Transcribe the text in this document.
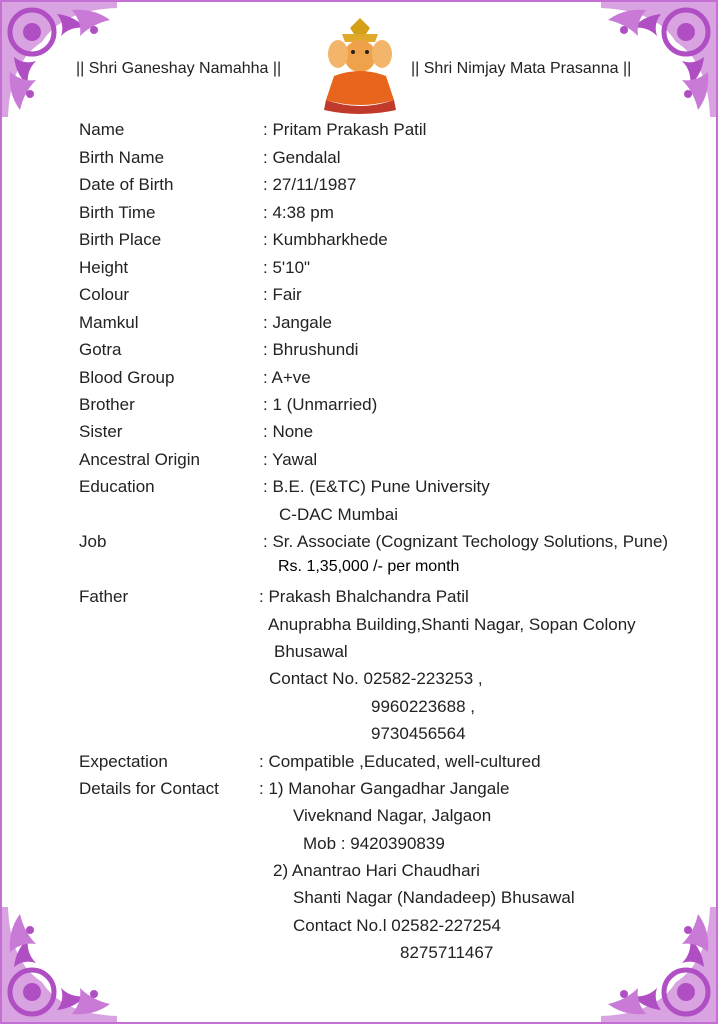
|| Shri Ganeshay Namahha ||	|| Shri Nimjay Mata Prasanna ||
Name	: Pritam Prakash Patil
Birth Name	: Gendalal
Date of Birth	: 27/11/1987
Birth Time	: 4:38 pm
Birth Place	: Kumbharkhede
Height	: 5'10"
Colour	: Fair
Mamkul	: Jangale
Gotra	: Bhrushundi
Blood Group	: A+ve
Brother	: 1 (Unmarried)
Sister	: None
Ancestral Origin	: Yawal
Education	: B.E. (E&TC) Pune University
C-DAC Mumbai
Job	: Sr. Associate (Cognizant Techology Solutions, Pune)
Rs. 1,35,000 /- per month
Father	: Prakash Bhalchandra Patil
Anuprabha Building,Shanti Nagar, Sopan Colony
Bhusawal
Contact No. 02582-223253 ,
9960223688 ,
9730456564
Expectation	: Compatible ,Educated, well-cultured
Details for Contact : 1) Manohar Gangadhar Jangale
Viveknand Nagar, Jalgaon
Mob : 9420390839
2) Anantrao Hari Chaudhari
Shanti Nagar (Nandadeep) Bhusawal
Contact No.l 02582-227254
8275711467
